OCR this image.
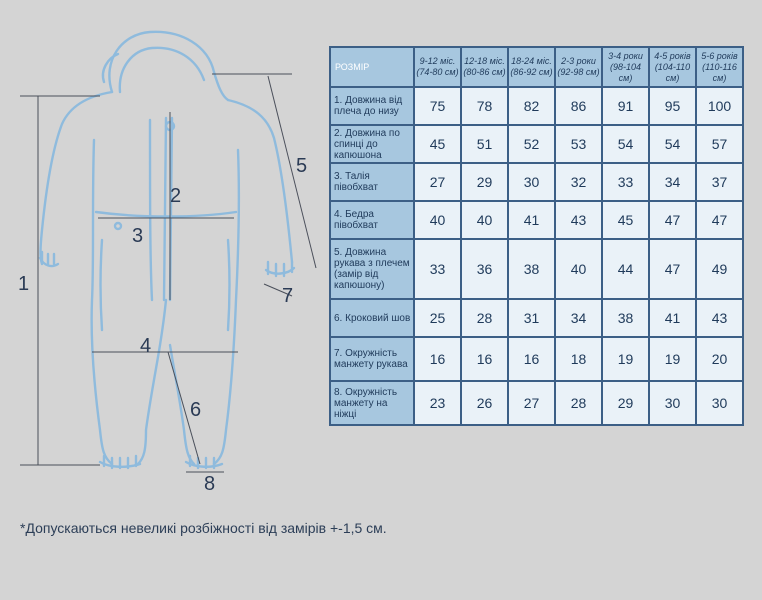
1
2
3
4
5
6
7
8
РОЗМІР	9-12 міс. (74-80 см)	12-18 міс. (80-86 см)	18-24 міс. (86-92 см)	2-3 роки (92-98 см)	3-4 роки (98-104 см)	4-5 років (104-110 см)	5-6 років (110-116 см)
1. Довжина від плеча до низу	75	78	82	86	91	95	100
2. Довжина по спинці до капюшона	45	51	52	53	54	54	57
3. Талія півобхват	27	29	30	32	33	34	37
4. Бедра півобхват	40	40	41	43	45	47	47
5. Довжина рукава з плечем (замір від капюшону)	33	36	38	40	44	47	49
6. Кроковий шов	25	28	31	34	38	41	43
7. Окружність манжету рукава	16	16	16	18	19	19	20
8. Окружність манжету на ніжці	23	26	27	28	29	30	30
*Допускаються невеликі розбіжності від замірів +-1,5 см.
